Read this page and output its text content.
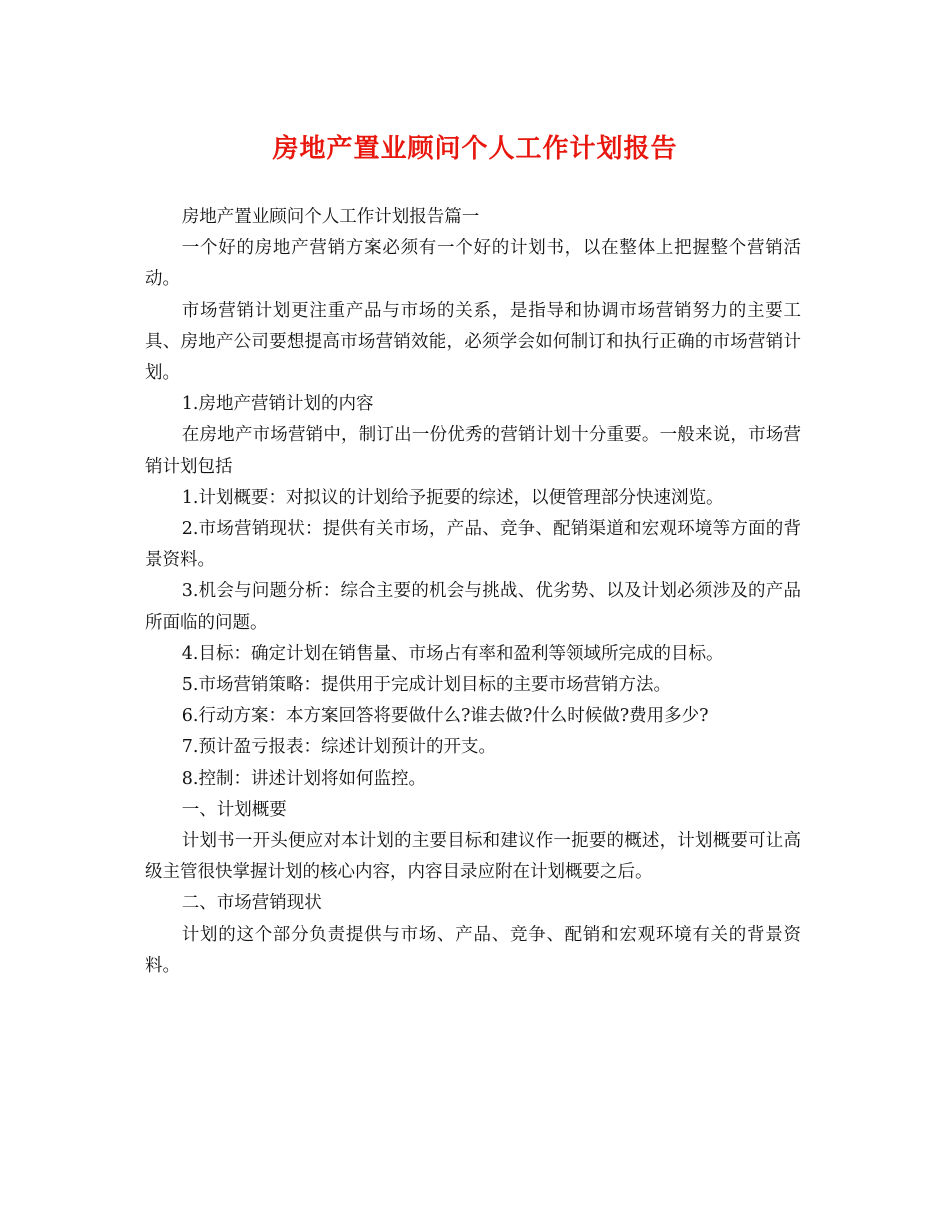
房地产置业顾问个人工作计划报告

房地产置业顾问个人工作计划报告篇一

一个好的房地产营销方案必须有一个好的计划书，以在整体上把握整个营销活动。

市场营销计划更注重产品与市场的关系，是指导和协调市场营销努力的主要工具、房地产公司要想提高市场营销效能，必须学会如何制订和执行正确的市场营销计划。

1.房地产营销计划的内容

在房地产市场营销中，制订出一份优秀的营销计划十分重要。一般来说，市场营销计划包括

1.计划概要：对拟议的计划给予扼要的综述，以便管理部分快速浏览。

2.市场营销现状：提供有关市场，产品、竞争、配销渠道和宏观环境等方面的背景资料。

3.机会与问题分析：综合主要的机会与挑战、优劣势、以及计划必须涉及的产品所面临的问题。

4.目标：确定计划在销售量、市场占有率和盈利等领域所完成的目标。

5.市场营销策略：提供用于完成计划目标的主要市场营销方法。

6.行动方案：本方案回答将要做什么?谁去做?什么时候做?费用多少?

7.预计盈亏报表：综述计划预计的开支。

8.控制：讲述计划将如何监控。

一、计划概要

计划书一开头便应对本计划的主要目标和建议作一扼要的概述，计划概要可让高级主管很快掌握计划的核心内容，内容目录应附在计划概要之后。

二、市场营销现状

计划的这个部分负责提供与市场、产品、竞争、配销和宏观环境有关的背景资料。
